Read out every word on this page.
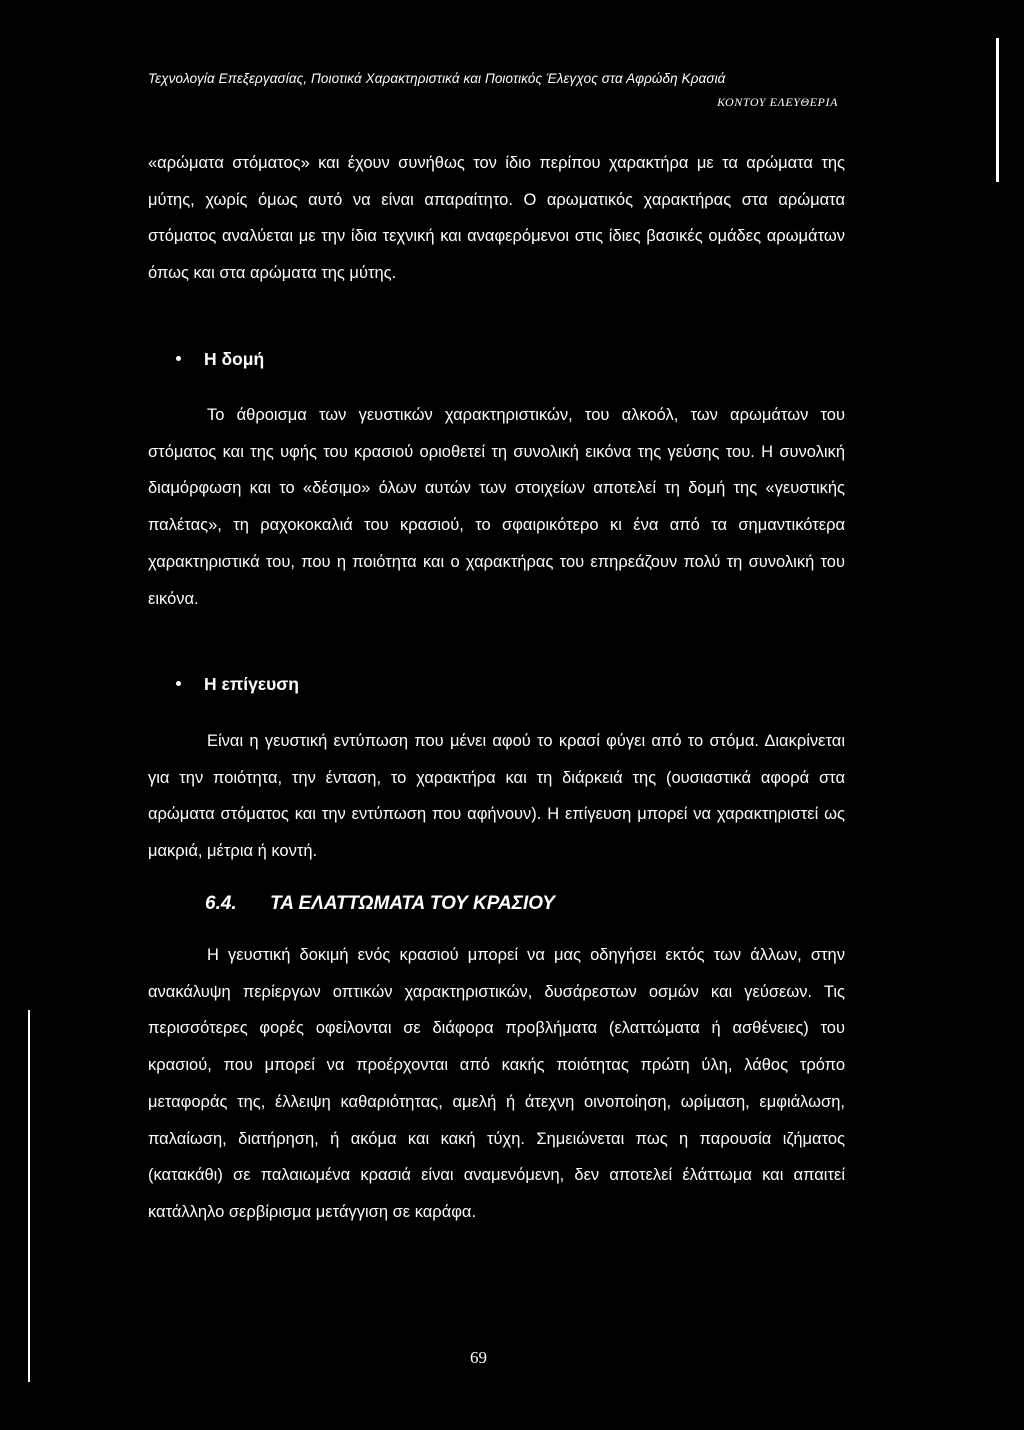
Τεχνολογία Επεξεργασίας, Ποιοτικά Χαρακτηριστικά και Ποιοτικός Έλεγχος στα Αφρώδη Κρασιά
ΚΟΝΤΟΥ ΕΛΕΥΘΕΡΙΑ

«αρώματα στόματος» και έχουν συνήθως τον ίδιο περίπου χαρακτήρα με τα αρώματα της μύτης, χωρίς όμως αυτό να είναι απαραίτητο. Ο αρωματικός χαρακτήρας στα αρώματα στόματος αναλύεται με την ίδια τεχνική και αναφερόμενοι στις ίδιες βασικές ομάδες αρωμάτων όπως και στα αρώματα της μύτης.

Η δομή

Το άθροισμα των γευστικών χαρακτηριστικών, του αλκοόλ, των αρωμάτων του στόματος και της υφής του κρασιού οριοθετεί τη συνολική εικόνα της γεύσης του. Η συνολική διαμόρφωση και το «δέσιμο» όλων αυτών των στοιχείων αποτελεί τη δομή της «γευστικής παλέτας», τη ραχοκοκαλιά του κρασιού, το σφαιρικότερο κι ένα από τα σημαντικότερα χαρακτηριστικά του, που η ποιότητα και ο χαρακτήρας του επηρεάζουν πολύ τη συνολική του εικόνα.

Η επίγευση

Είναι η γευστική εντύπωση που μένει αφού το κρασί φύγει από το στόμα. Διακρίνεται για την ποιότητα, την ένταση, το χαρακτήρα και τη διάρκειά της (ουσιαστικά αφορά στα αρώματα στόματος και την εντύπωση που αφήνουν). Η επίγευση μπορεί να χαρακτηριστεί ως μακριά, μέτρια ή κοντή.

6.4. ΤΑ ΕΛΑΤΤΩΜΑΤΑ ΤΟΥ ΚΡΑΣΙΟΥ

Η γευστική δοκιμή ενός κρασιού μπορεί να μας οδηγήσει εκτός των άλλων, στην ανακάλυψη περίεργων οπτικών χαρακτηριστικών, δυσάρεστων οσμών και γεύσεων. Τις περισσότερες φορές οφείλονται σε διάφορα προβλήματα (ελαττώματα ή ασθένειες) του κρασιού, που μπορεί να προέρχονται από κακής ποιότητας πρώτη ύλη, λάθος τρόπο μεταφοράς της, έλλειψη καθαριότητας, αμελή ή άτεχνη οινοποίηση, ωρίμαση, εμφιάλωση, παλαίωση, διατήρηση, ή ακόμα και κακή τύχη. Σημειώνεται πως η παρουσία ιζήματος (κατακάθι) σε παλαιωμένα κρασιά είναι αναμενόμενη, δεν αποτελεί έλάττωμα και απαιτεί κατάλληλο σερβίρισμα μετάγγιση σε καράφα.

69
